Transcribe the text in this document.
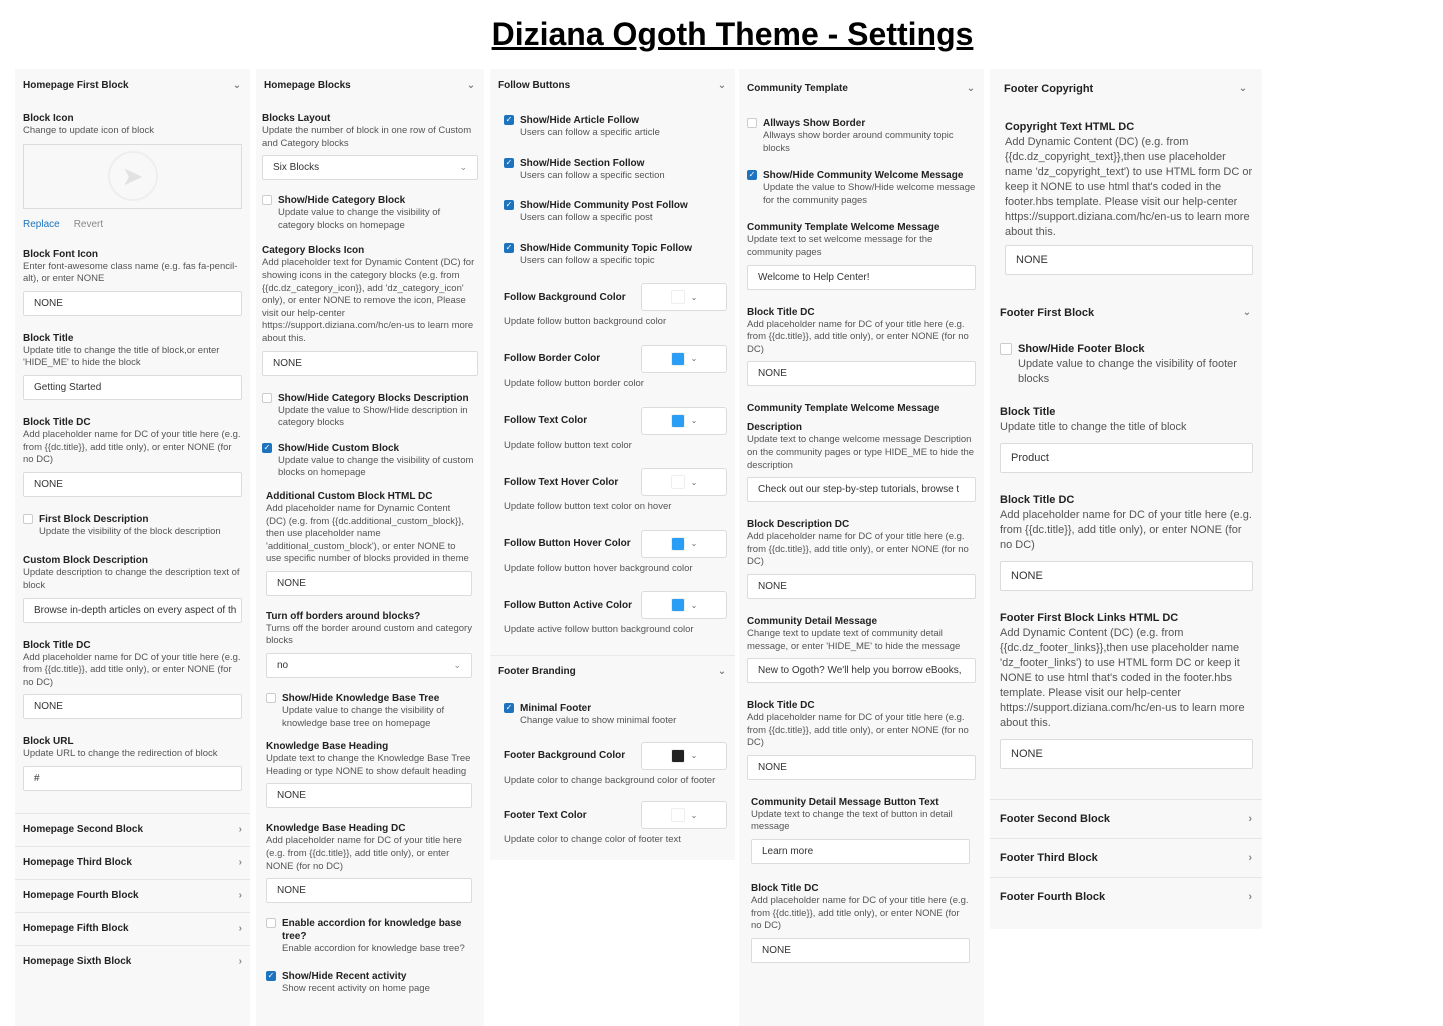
Diziana Ogoth Theme - Settings
Homepage First Block	⌄
Block Icon
Change to update icon of block
➤
Replace Revert
Block Font Icon
Enter font-awesome class name (e.g. fas fa-pencil-alt), or enter NONE
NONE
Block Title
Update title to change the title of block,or enter 'HIDE_ME' to hide the block
Getting Started
Block Title DC
Add placeholder name for DC of your title here (e.g. from {{dc.title}}, add title only), or enter NONE (for no DC)
NONE
First Block Description
Update the visibility of the block description
Custom Block Description
Update description to change the description text of block
Browse in-depth articles on every aspect of th
Block Title DC
Add placeholder name for DC of your title here (e.g. from {{dc.title}}, add title only), or enter NONE (for no DC)
NONE
Block URL
Update URL to change the redirection of block
#
Homepage Second Block	›
Homepage Third Block	›
Homepage Fourth Block	›
Homepage Fifth Block	›
Homepage Sixth Block	›
Homepage Blocks	⌄
Blocks Layout
Update the number of block in one row of Custom and Category blocks
Six Blocks	⌄
Show/Hide Category Block
Update value to change the visibility of category blocks on homepage
Category Blocks Icon
Add placeholder text for Dynamic Content (DC) for showing icons in the category blocks (e.g. from {{dc.dz_category_icon}}, add 'dz_category_icon' only), or enter NONE to remove the icon, Please visit our help-center https://support.diziana.com/hc/en-us to learn more about this.
NONE
Show/Hide Category Blocks Description
Update the value to Show/Hide description in category blocks
✓ Show/Hide Custom Block
Update value to change the visibility of custom blocks on homepage
Additional Custom Block HTML DC
Add placeholder name for Dynamic Content (DC) (e.g. from {{dc.additional_custom_block}}, then use placeholder name 'additional_custom_block'), or enter NONE to use specific number of blocks provided in theme
NONE
Turn off borders around blocks?
Turns off the border around custom and category blocks
no	⌄
Show/Hide Knowledge Base Tree
Update value to change the visibility of knowledge base tree on homepage
Knowledge Base Heading
Update text to change the Knowledge Base Tree Heading or type NONE to show default heading
NONE
Knowledge Base Heading DC
Add placeholder name for DC of your title here (e.g. from {{dc.title}}, add title only), or enter NONE (for no DC)
NONE
Enable accordion for knowledge base tree?
Enable accordion for knowledge base tree?
✓ Show/Hide Recent activity
Show recent activity on home page
Follow Buttons	⌄
✓ Show/Hide Article Follow
Users can follow a specific article
✓ Show/Hide Section Follow
Users can follow a specific section
✓ Show/Hide Community Post Follow
Users can follow a specific post
✓ Show/Hide Community Topic Follow
Users can follow a specific topic
Follow Background Color	⌄
Update follow button background color
Follow Border Color	⌄
Update follow button border color
Follow Text Color	⌄
Update follow button text color
Follow Text Hover Color	⌄
Update follow button text color on hover
Follow Button Hover Color	⌄
Update follow button hover background color
Follow Button Active Color	⌄
Update active follow button background color
Footer Branding	⌄
✓ Minimal Footer
Change value to show minimal footer
Footer Background Color	⌄
Update color to change background color of footer
Footer Text Color	⌄
Update color to change color of footer text
Community Template	⌄
Allways Show Border
Allways show border around community topic blocks
✓ Show/Hide Community Welcome Message
Update the value to Show/Hide welcome message for the community pages
Community Template Welcome Message
Update text to set welcome message for the community pages
Welcome to Help Center!
Block Title DC
Add placeholder name for DC of your title here (e.g. from {{dc.title}}, add title only), or enter NONE (for no DC)
NONE
Community Template Welcome Message
Description
Update text to change welcome message Description on the community pages or type HIDE_ME to hide the description
Check out our step-by-step tutorials, browse t
Block Description DC
Add placeholder name for DC of your title here (e.g. from {{dc.title}}, add title only), or enter NONE (for no DC)
NONE
Community Detail Message
Change text to update text of community detail message, or enter 'HIDE_ME' to hide the message
New to Ogoth? We'll help you borrow eBooks,
Block Title DC
Add placeholder name for DC of your title here (e.g. from {{dc.title}}, add title only), or enter NONE (for no DC)
NONE
Community Detail Message Button Text
Update text to change the text of button in detail message
Learn more
Block Title DC
Add placeholder name for DC of your title here (e.g. from {{dc.title}}, add title only), or enter NONE (for no DC)
NONE
Footer Copyright	⌄
Copyright Text HTML DC
Add Dynamic Content (DC) (e.g. from {{dc.dz_copyright_text}},then use placeholder name 'dz_copyright_text') to use HTML form DC or keep it NONE to use html that's coded in the footer.hbs template. Please visit our help-center https://support.diziana.com/hc/en-us to learn more about this.
NONE
Footer First Block	⌄
Show/Hide Footer Block
Update value to change the visibility of footer blocks
Block Title
Update title to change the title of block
Product
Block Title DC
Add placeholder name for DC of your title here (e.g. from {{dc.title}}, add title only), or enter NONE (for no DC)
NONE
Footer First Block Links HTML DC
Add Dynamic Content (DC) (e.g. from {{dc.dz_footer_links}},then use placeholder name 'dz_footer_links') to use HTML form DC or keep it NONE to use html that's coded in the footer.hbs template. Please visit our help-center https://support.diziana.com/hc/en-us to learn more about this.
NONE
Footer Second Block	›
Footer Third Block	›
Footer Fourth Block	›
